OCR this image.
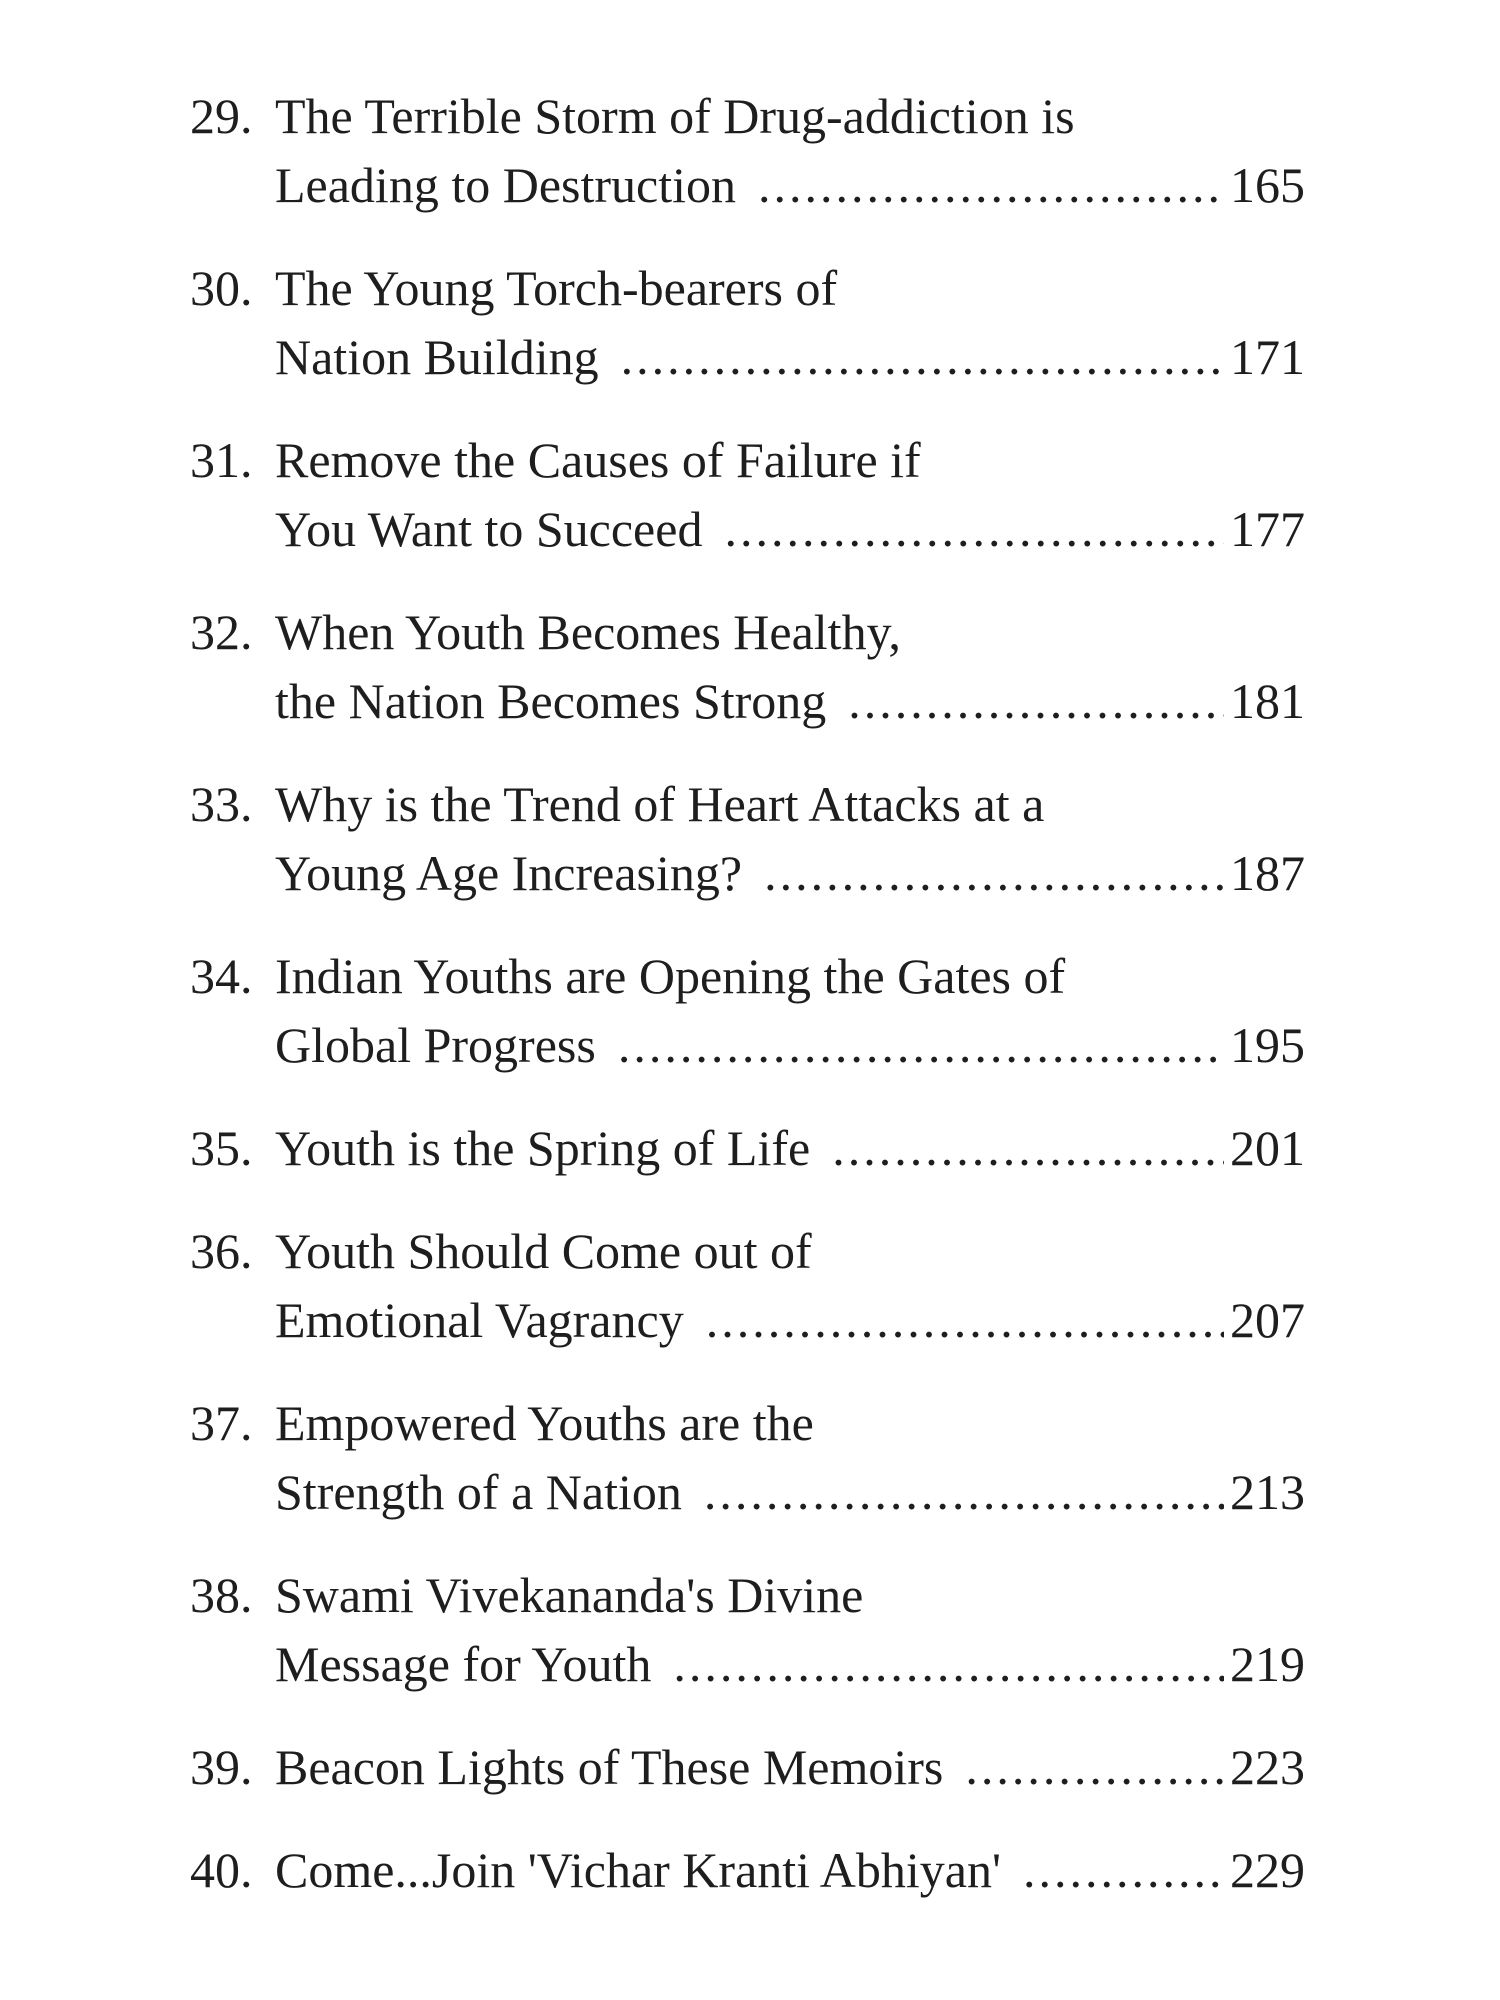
29. The Terrible Storm of Drug-addiction is
Leading to Destruction .....	165
30. The Young Torch-bearers of
Nation Building .....	171
31. Remove the Causes of Failure if
You Want to Succeed .....	177
32. When Youth Becomes Healthy,
the Nation Becomes Strong .....	181
33. Why is the Trend of Heart Attacks at a
Young Age Increasing? .....	187
34. Indian Youths are Opening the Gates of
Global Progress .....	195
35. Youth is the Spring of Life .....	201
36. Youth Should Come out of
Emotional Vagrancy .....	207
37. Empowered Youths are the
Strength of a Nation .....	213
38. Swami Vivekananda's Divine
Message for Youth .....	219
39. Beacon Lights of These Memoirs .....	223
40. Come...Join 'Vichar Kranti Abhiyan' .....	229
